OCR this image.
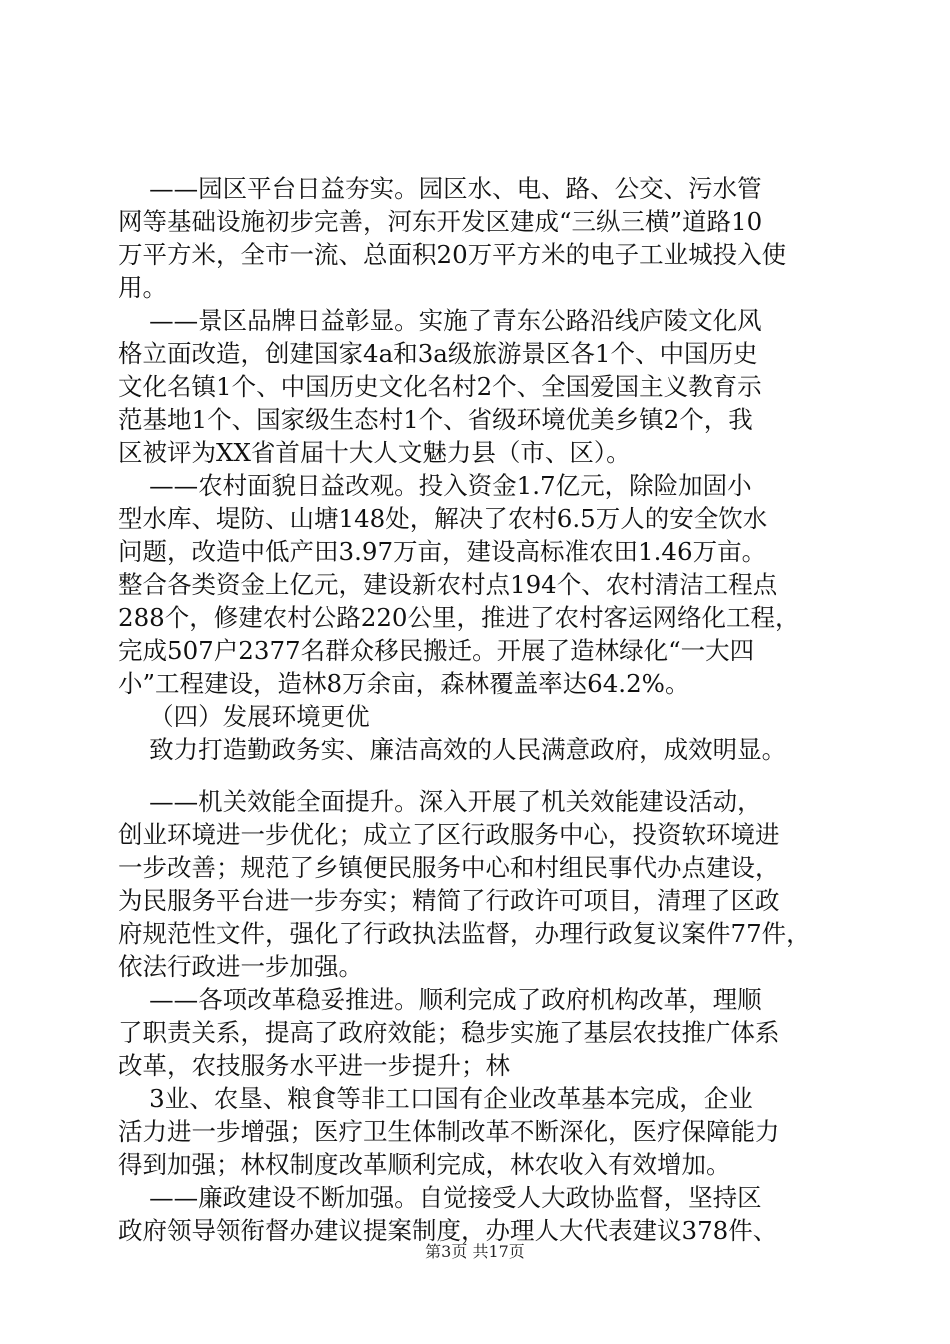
——园区平台日益夯实。园区水、电、路、公交、污水管
网等基础设施初步完善，河东开发区建成“三纵三横”道路10
万平方米，全市一流、总面积20万平方米的电子工业城投入使
用。
——景区品牌日益彰显。实施了青东公路沿线庐陵文化风
格立面改造，创建国家4a和3a级旅游景区各1个、中国历史
文化名镇1个、中国历史文化名村2个、全国爱国主义教育示
范基地1个、国家级生态村1个、省级环境优美乡镇2个，我
区被评为XX省首届十大人文魅力县（市、区）。
——农村面貌日益改观。投入资金1.7亿元，除险加固小
型水库、堤防、山塘148处，解决了农村6.5万人的安全饮水
问题，改造中低产田3.97万亩，建设高标准农田1.46万亩。
整合各类资金上亿元，建设新农村点194个、农村清洁工程点
288个，修建农村公路220公里，推进了农村客运网络化工程，
完成507户2377名群众移民搬迁。开展了造林绿化“一大四
小”工程建设，造林8万余亩，森林覆盖率达64.2%。
（四）发展环境更优
致力打造勤政务实、廉洁高效的人民满意政府，成效明显。
——机关效能全面提升。深入开展了机关效能建设活动，
创业环境进一步优化；成立了区行政服务中心，投资软环境进
一步改善；规范了乡镇便民服务中心和村组民事代办点建设，
为民服务平台进一步夯实；精简了行政许可项目，清理了区政
府规范性文件，强化了行政执法监督，办理行政复议案件77件，
依法行政进一步加强。
——各项改革稳妥推进。顺利完成了政府机构改革，理顺
了职责关系，提高了政府效能；稳步实施了基层农技推广体系
改革，农技服务水平进一步提升；林
3业、农垦、粮食等非工口国有企业改革基本完成，企业
活力进一步增强；医疗卫生体制改革不断深化，医疗保障能力
得到加强；林权制度改革顺利完成，林农收入有效增加。
——廉政建设不断加强。自觉接受人大政协监督，坚持区
政府领导领衔督办建议提案制度，办理人大代表建议378件、
第3页 共17页
